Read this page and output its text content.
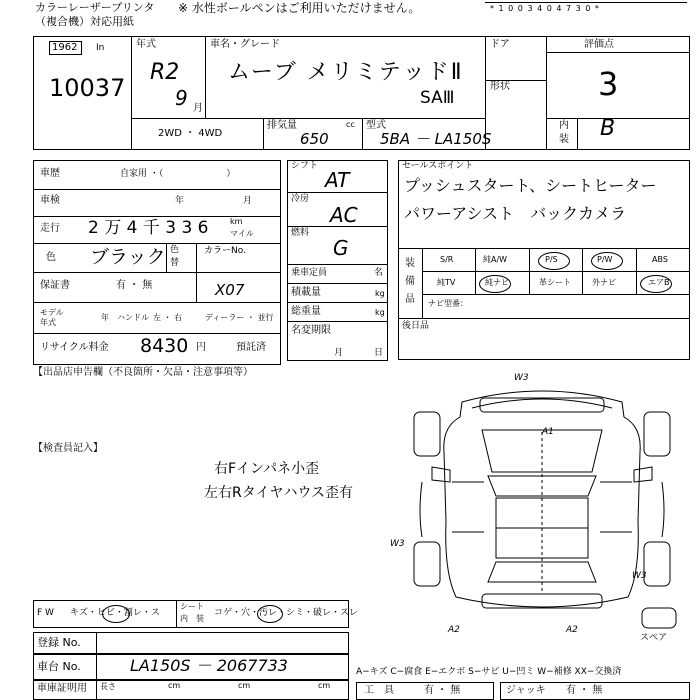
カラーレーザープリンタ
（複合機）対応用紙
※ 水性ボールペンはご利用いただけません。	* 1 0 0 3 4 0 4 7 3 0 *
1962 In
10037
年式
R2
9 月
車名・グレード
ムーブ メリミテッドⅡ
SAⅢ
ドア
形状
2WD ・ 4WD
排気量	cc
650
型式
5BA － LA150S
評価点
3
内
装 B
車歴	自家用 ・（　　　　　　　）
車検	年	月
走行 2 万 4 千 3 3 6	km
マイル
色 ブラック 色
替
カラーNo.
X07
保証書	有 ・ 無
モデル年式
年 ハンドル 左 ・ 右	ディーラー ・ 並行
リサイクル料金 8430 円	預託済
シフト
AT
冷房
AC
燃料
G
乗車定員	名
積載量	kg
総重量	kg
名変期限
月	日
セールスポイント
プッシュスタート、シートヒーター
パワーアシスト　バックカメラ
装
備
品
S/R	純A/W	P/S	P/W	ABS
純TV	純ナビ	革シート	外ナビ	エアB
ナビ型番：
後日品
【出品店申告欄（不良箇所・欠品・注意事項等）
【検査員記入】
右Fインパネ小歪
左右Rタイヤハウス歪有
W3
A1
W3
W3
A2	A2
スペア
F W キズ・ヒビ・割レ・ス
シート
内　装
コゲ・穴・汚レ・シミ・破レ・スレ
登録 No.
車台 No.	LA150S － 2067733
車庫証明用 長さ	cm	cm	cm
A−キズ C−腐食 E−エクボ S−サビ U−凹ミ W−補修 XX−交換済
工　具	有 ・ 無	ジャッキ 有 ・ 無
